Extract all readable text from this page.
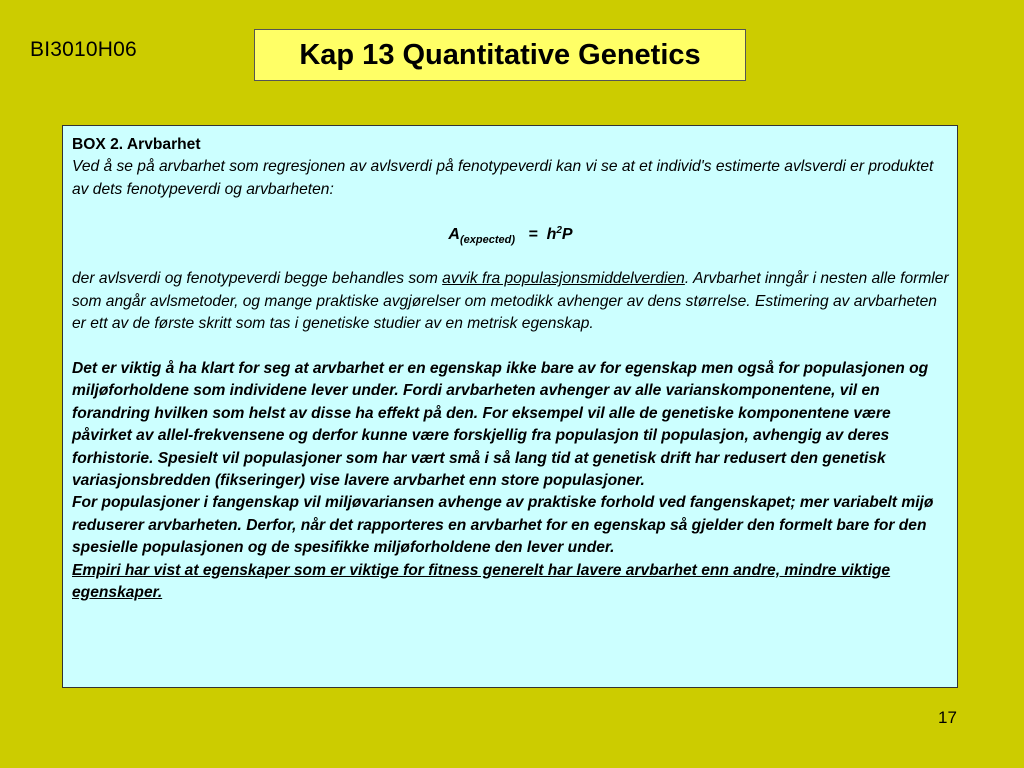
BI3010H06	Kap 13 Quantitative Genetics
BOX 2. Arvbarhet
Ved å se på arvbarhet som regresjonen av avlsverdi på fenotypeverdi kan vi se at et individ's estimerte avlsverdi er produktet av dets fenotypeverdi og arvbarheten:
$A_{(expected)} = h^2P$
der avlsverdi og fenotypeverdi begge behandles som avvik fra populasjonsmiddelverdien. Arvbarhet inngår i nesten alle formler som angår avlsmetoder, og mange praktiske avgjørelser om metodikk avhenger av dens størrelse. Estimering av arvbarheten er ett av de første skritt som tas i genetiske studier av en metrisk egenskap.
Det er viktig å ha klart for seg at arvbarhet er en egenskap ikke bare av for egenskap men også for populasjonen og miljøforholdene som individene lever under. Fordi arvbarheten avhenger av alle varianskomponentene, vil en forandring hvilken som helst av disse ha effekt på den. For eksempel vil alle de genetiske komponentene være påvirket av allel-frekvensene og derfor kunne være forskjellig fra populasjon til populasjon, avhengig av deres forhistorie. Spesielt vil populasjoner som har vært små i så lang tid at genetisk drift har redusert den genetisk variasjonsbredden (fikseringer) vise lavere arvbarhet enn store populasjoner.
For populasjoner i fangenskap vil miljøvariansen avhenge av praktiske forhold ved fangenskapet; mer variabelt mijø reduserer arvbarheten. Derfor, når det rapporteres en arvbarhet for en egenskap så gjelder den formelt bare for den spesielle populasjonen og de spesifikke miljøforholdene den lever under.
Empiri har vist at egenskaper som er viktige for fitness generelt har lavere arvbarhet enn andre, mindre viktige egenskaper.
17
